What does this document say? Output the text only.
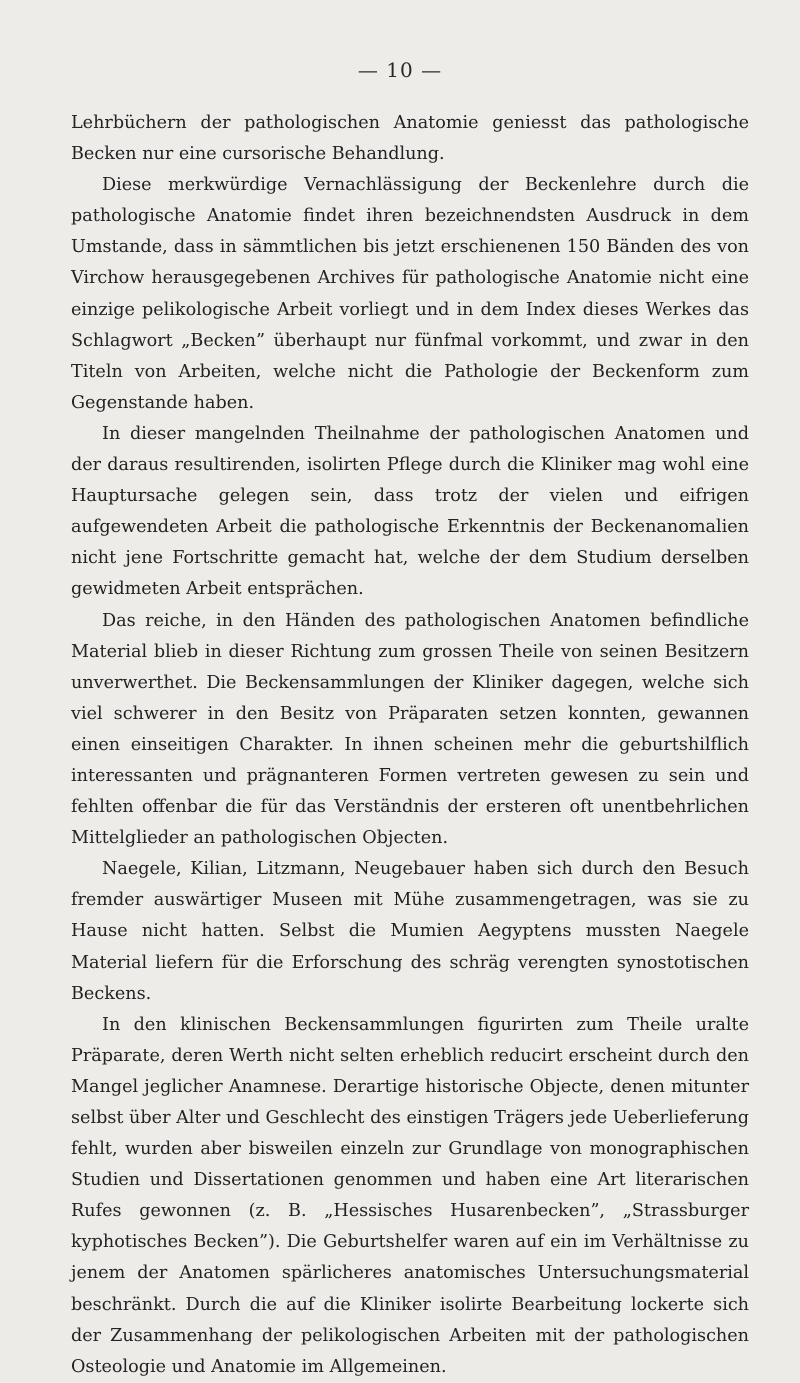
— 10 —

Lehrbüchern der pathologischen Anatomie geniesst das pathologische Becken nur eine cursorische Behandlung.

Diese merkwürdige Vernachlässigung der Beckenlehre durch die pathologische Anatomie findet ihren bezeichnendsten Ausdruck in dem Umstande, dass in sämmtlichen bis jetzt erschienenen 150 Bänden des von Virchow herausgegebenen Archives für pathologische Anatomie nicht eine einzige pelikologische Arbeit vorliegt und in dem Index dieses Werkes das Schlagwort „Becken” überhaupt nur fünfmal vorkommt, und zwar in den Titeln von Arbeiten, welche nicht die Pathologie der Beckenform zum Gegenstande haben.

In dieser mangelnden Theilnahme der pathologischen Anatomen und der daraus resultirenden, isolirten Pflege durch die Kliniker mag wohl eine Hauptursache gelegen sein, dass trotz der vielen und eifrigen aufgewendeten Arbeit die pathologische Erkenntnis der Beckenanomalien nicht jene Fortschritte gemacht hat, welche der dem Studium derselben gewidmeten Arbeit entsprächen.

Das reiche, in den Händen des pathologischen Anatomen befindliche Material blieb in dieser Richtung zum grossen Theile von seinen Besitzern unverwerthet. Die Beckensammlungen der Kliniker dagegen, welche sich viel schwerer in den Besitz von Präparaten setzen konnten, gewannen einen einseitigen Charakter. In ihnen scheinen mehr die geburtshilflich interessanten und prägnanteren Formen vertreten gewesen zu sein und fehlten offenbar die für das Verständnis der ersteren oft unentbehrlichen Mittelglieder an pathologischen Objecten.

Naegele, Kilian, Litzmann, Neugebauer haben sich durch den Besuch fremder auswärtiger Museen mit Mühe zusammengetragen, was sie zu Hause nicht hatten. Selbst die Mumien Aegyptens mussten Naegele Material liefern für die Erforschung des schräg verengten synostotischen Beckens.

In den klinischen Beckensammlungen figurirten zum Theile uralte Präparate, deren Werth nicht selten erheblich reducirt erscheint durch den Mangel jeglicher Anamnese. Derartige historische Objecte, denen mitunter selbst über Alter und Geschlecht des einstigen Trägers jede Ueberlieferung fehlt, wurden aber bisweilen einzeln zur Grundlage von monographischen Studien und Dissertationen genommen und haben eine Art literarischen Rufes gewonnen (z. B. „Hessisches Husarenbecken”, „Strassburger kyphotisches Becken”). Die Geburtshelfer waren auf ein im Verhältnisse zu jenem der Anatomen spärlicheres anatomisches Untersuchungsmaterial beschränkt. Durch die auf die Kliniker isolirte Bearbeitung lockerte sich der Zusammenhang der pelikologischen Arbeiten mit der pathologischen Osteologie und Anatomie im Allgemeinen.
